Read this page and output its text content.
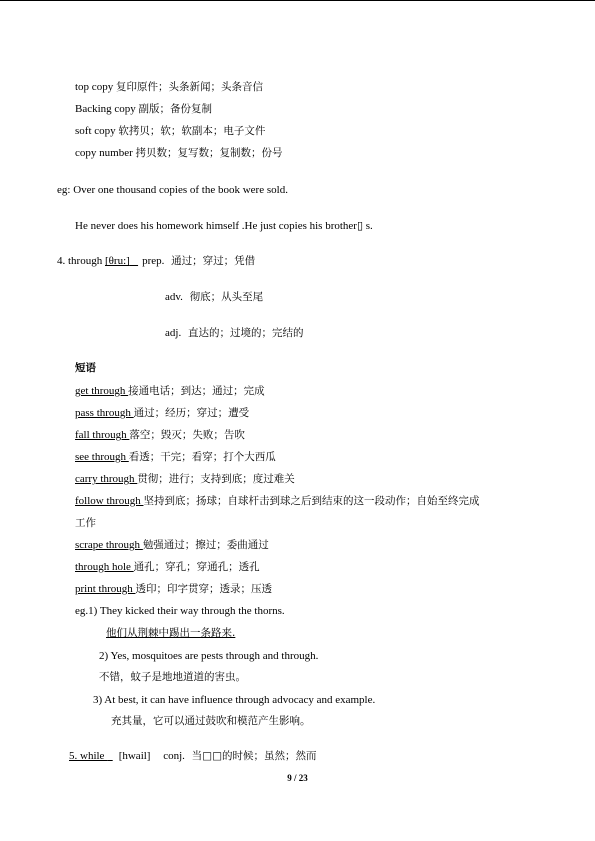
top copy 复印原件；头条新闻；头条音信
Backing copy 副版；备份复制
soft copy 软拷贝；软；软副本；电子文件
copy number 拷贝数；复写数；复制数；份号
eg: Over one thousand copies of the book were sold.
He never does his homework himself .He just copies his brother▯ s.
4. through [θru:] prep. 通过；穿过；凭借
adv. 彻底；从头至尾
adj. 直达的；过境的；完结的
短语
get through 接通电话；到达；通过；完成
pass through 通过；经历；穿过；遭受
fall through 落空；毁灭；失败；告吹
see through 看透；干完；看穿；打个大西瓜
carry through 贯彻；进行；支持到底；度过难关
follow through 坚持到底；扬球；自球杆击到球之后到结束的这一段动作；自始至终完成
工作
scrape through 勉强通过；擦过；委曲通过
through hole 通孔；穿孔；穿通孔；透孔
print through 透印；印字贯穿；透录；压透
eg.1) They kicked their way through the thorns.
他们从荆棘中踢出一条路来.
2) Yes, mosquitoes are pests through and through.
不错，蚊子是地地道道的害虫。
3) At best, it can have influence through advocacy and example.
充其量，它可以通过鼓吹和模范产生影响。
5. while   [hwail] conj. 当□□的时候；虽然；然而
9 / 23
